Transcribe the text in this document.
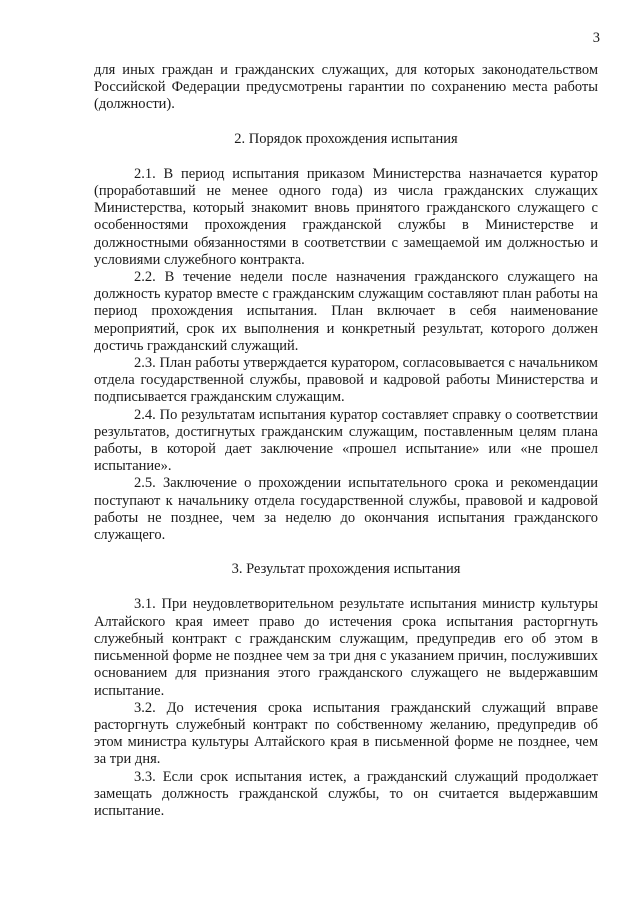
3

для иных граждан и гражданских служащих, для которых законодательством Российской Федерации предусмотрены гарантии по сохранению места работы (должности).

2. Порядок прохождения испытания

2.1. В период испытания приказом Министерства назначается куратор (проработавший не менее одного года) из числа гражданских служащих Министерства, который знакомит вновь принятого гражданского служащего с особенностями прохождения гражданской службы в Министерстве и должностными обязанностями в соответствии с замещаемой им должностью и условиями служебного контракта.

2.2. В течение недели после назначения гражданского служащего на должность куратор вместе с гражданским служащим составляют план работы на период прохождения испытания. План включает в себя наименование мероприятий, срок их выполнения и конкретный результат, которого должен достичь гражданский служащий.

2.3. План работы утверждается куратором, согласовывается с начальником отдела государственной службы, правовой и кадровой работы Министерства и подписывается гражданским служащим.

2.4. По результатам испытания куратор составляет справку о соответствии результатов, достигнутых гражданским служащим, поставленным целям плана работы, в которой дает заключение «прошел испытание» или «не прошел испытание».

2.5. Заключение о прохождении испытательного срока и рекомендации поступают к начальнику отдела государственной службы, правовой и кадровой работы не позднее, чем за неделю до окончания испытания гражданского служащего.

3. Результат прохождения испытания

3.1. При неудовлетворительном результате испытания министр культуры Алтайского края имеет право до истечения срока испытания расторгнуть служебный контракт с гражданским служащим, предупредив его об этом в письменной форме не позднее чем за три дня с указанием причин, послуживших основанием для признания этого гражданского служащего не выдержавшим испытание.

3.2. До истечения срока испытания гражданский служащий вправе расторгнуть служебный контракт по собственному желанию, предупредив об этом министра культуры Алтайского края в письменной форме не позднее, чем за три дня.

3.3. Если срок испытания истек, а гражданский служащий продолжает замещать должность гражданской службы, то он считается выдержавшим испытание.
